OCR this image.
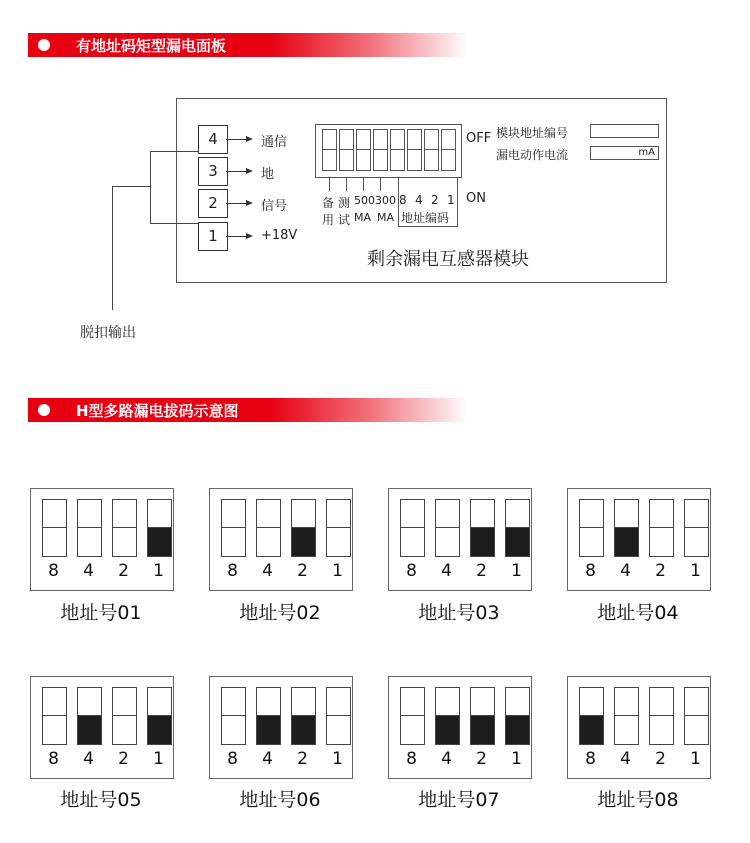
有地址码矩型漏电面板
脱扣输出
4	通信
3	地
2	信号
1	+18V
OFF
ON
备 测 500 300 8 4 2 1
用 试 MA MA 地址编码
模块地址编号
漏电动作电流	mA
剩余漏电互感器模块
H型多路漏电拔码示意图
8	4	2	1
地址号01
8	4	2	1
地址号02
8	4	2	1
地址号03
8	4	2	1
地址号04
8	4	2	1
地址号05
8	4	2	1
地址号06
8	4	2	1
地址号07
8	4	2	1
地址号08
